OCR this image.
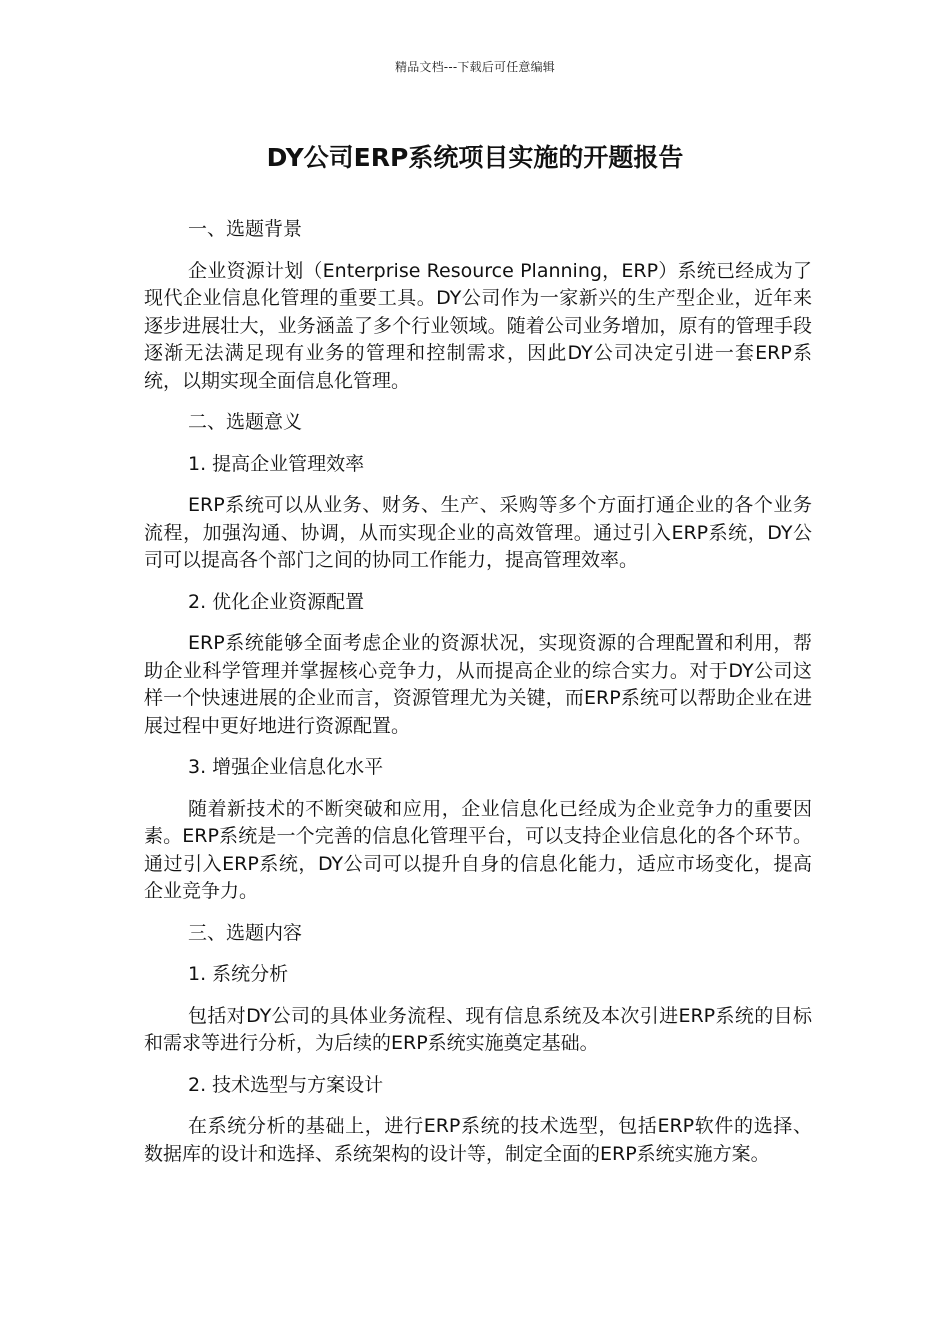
精品文档---下载后可任意编辑
DY公司ERP系统项目实施的开题报告

一、选题背景

企业资源计划（Enterprise Resource Planning，ERP）系统已经成为了现代企业信息化管理的重要工具。DY公司作为一家新兴的生产型企业，近年来逐步进展壮大，业务涵盖了多个行业领域。随着公司业务增加，原有的管理手段逐渐无法满足现有业务的管理和控制需求，因此DY公司决定引进一套ERP系统，以期实现全面信息化管理。

二、选题意义

1. 提高企业管理效率

ERP系统可以从业务、财务、生产、采购等多个方面打通企业的各个业务流程，加强沟通、协调，从而实现企业的高效管理。通过引入ERP系统，DY公司可以提高各个部门之间的协同工作能力，提高管理效率。

2. 优化企业资源配置

ERP系统能够全面考虑企业的资源状况，实现资源的合理配置和利用，帮助企业科学管理并掌握核心竞争力，从而提高企业的综合实力。对于DY公司这样一个快速进展的企业而言，资源管理尤为关键，而ERP系统可以帮助企业在进展过程中更好地进行资源配置。

3. 增强企业信息化水平

随着新技术的不断突破和应用，企业信息化已经成为企业竞争力的重要因素。ERP系统是一个完善的信息化管理平台，可以支持企业信息化的各个环节。通过引入ERP系统，DY公司可以提升自身的信息化能力，适应市场变化，提高企业竞争力。

三、选题内容

1. 系统分析

包括对DY公司的具体业务流程、现有信息系统及本次引进ERP系统的目标和需求等进行分析，为后续的ERP系统实施奠定基础。

2. 技术选型与方案设计

在系统分析的基础上，进行ERP系统的技术选型，包括ERP软件的选择、数据库的设计和选择、系统架构的设计等，制定全面的ERP系统实施方案。
